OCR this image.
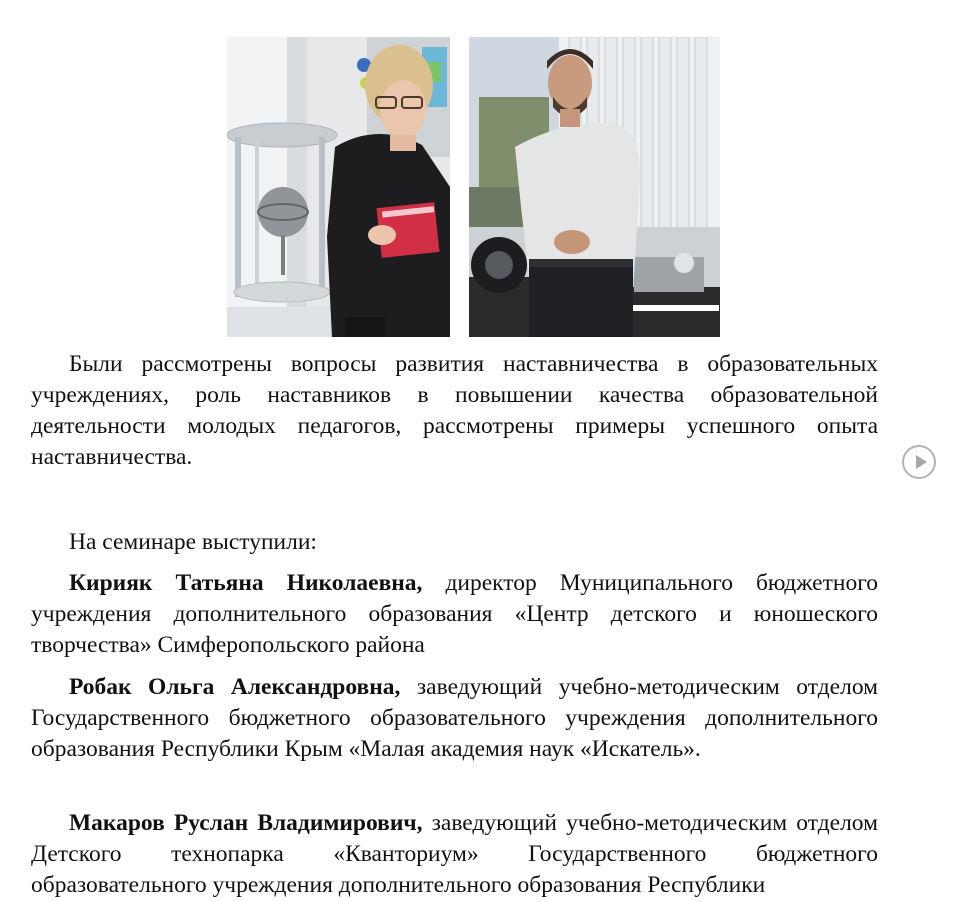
Были рассмотрены вопросы развития наставничества в образовательных учреждениях, роль наставников в повышении качества образовательной деятельности молодых педагогов, рассмотрены примеры успешного опыта наставничества.

На семинаре выступили:

Кирияк Татьяна Николаевна, директор Муниципального бюджетного учреждения дополнительного образования «Центр детского и юношеского творчества» Симферопольского района

Робак Ольга Александровна, заведующий учебно-методическим отделом Государственного бюджетного образовательного учреждения дополнительного образования Республики Крым «Малая академия наук «Искатель».

Макаров Руслан Владимирович, заведующий учебно-методическим отделом Детского технопарка «Кванториум» Государственного бюджетного образовательного учреждения дополнительного образования Республики
